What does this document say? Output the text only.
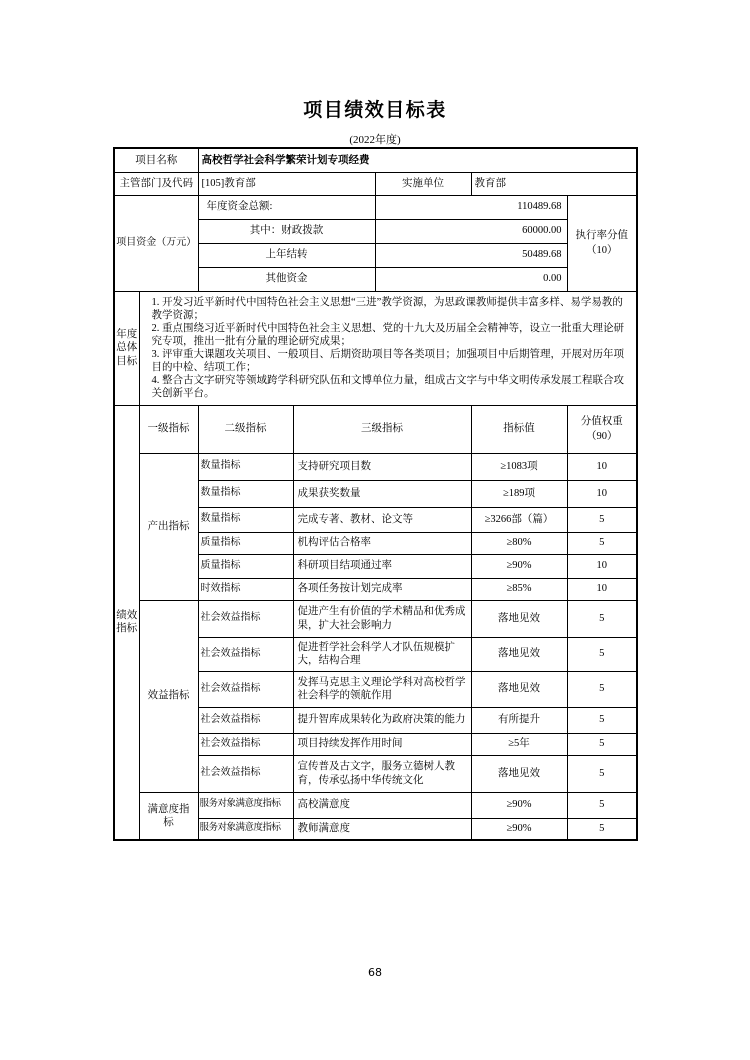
项目绩效目标表
(2022年度)
项目名称		高校哲学社会科学繁荣计划专项经费				
主管部门及代码		[105]教育部		实施单位	教育部	
项目资金（万元）		年度资金总额:		110489.68		执行率分值
（10）

		其中：财政拨款		60000.00		
		上年结转		50489.68		
		其他资金		0.00		
年度总体目标	1. 开发习近平新时代中国特色社会主义思想“三进”教学资源，为思政课教师提供丰富多样、易学易教的教学资源；
2. 重点围绕习近平新时代中国特色社会主义思想、党的十九大及历届全会精神等，设立一批重大理论研究专项，推出一批有分量的理论研究成果；
3. 评审重大课题攻关项目、一般项目、后期资助项目等各类项目；加强项目中后期管理，开展对历年项目的中检、结项工作；
4. 整合古文字研究等领域跨学科研究队伍和文博单位力量，组成古文字与中华文明传承发展工程联合攻关创新平台。					

绩效指标	一级指标	二级指标	三级指标		指标值	分值权重
（90）

	产出指标	数量指标	支持研究项目数		≥1083项	10
		数量指标	成果获奖数量		≥189项	10
		数量指标	完成专著、教材、论文等		≥3266部（篇）	5
		质量指标	机构评估合格率		≥80%	5
		质量指标	科研项目结项通过率		≥90%	10
		时效指标	各项任务按计划完成率		≥85%	10
	效益指标	社会效益指标	促进产生有价值的学术精品和优秀成果，扩大社会影响力		落地见效	5
		社会效益指标	促进哲学社会科学人才队伍规模扩大，结构合理		落地见效	5
		社会效益指标	发挥马克思主义理论学科对高校哲学社会科学的领航作用		落地见效	5
		社会效益指标	提升智库成果转化为政府决策的能力		有所提升	5
		社会效益指标	项目持续发挥作用时间		≥5年	5
		社会效益指标	宣传普及古文字，服务立德树人教育，传承弘扬中华传统文化		落地见效	5
	满意度指标	服务对象满意度指标	高校满意度		≥90%	5
		服务对象满意度指标	教师满意度		≥90%	5
68
